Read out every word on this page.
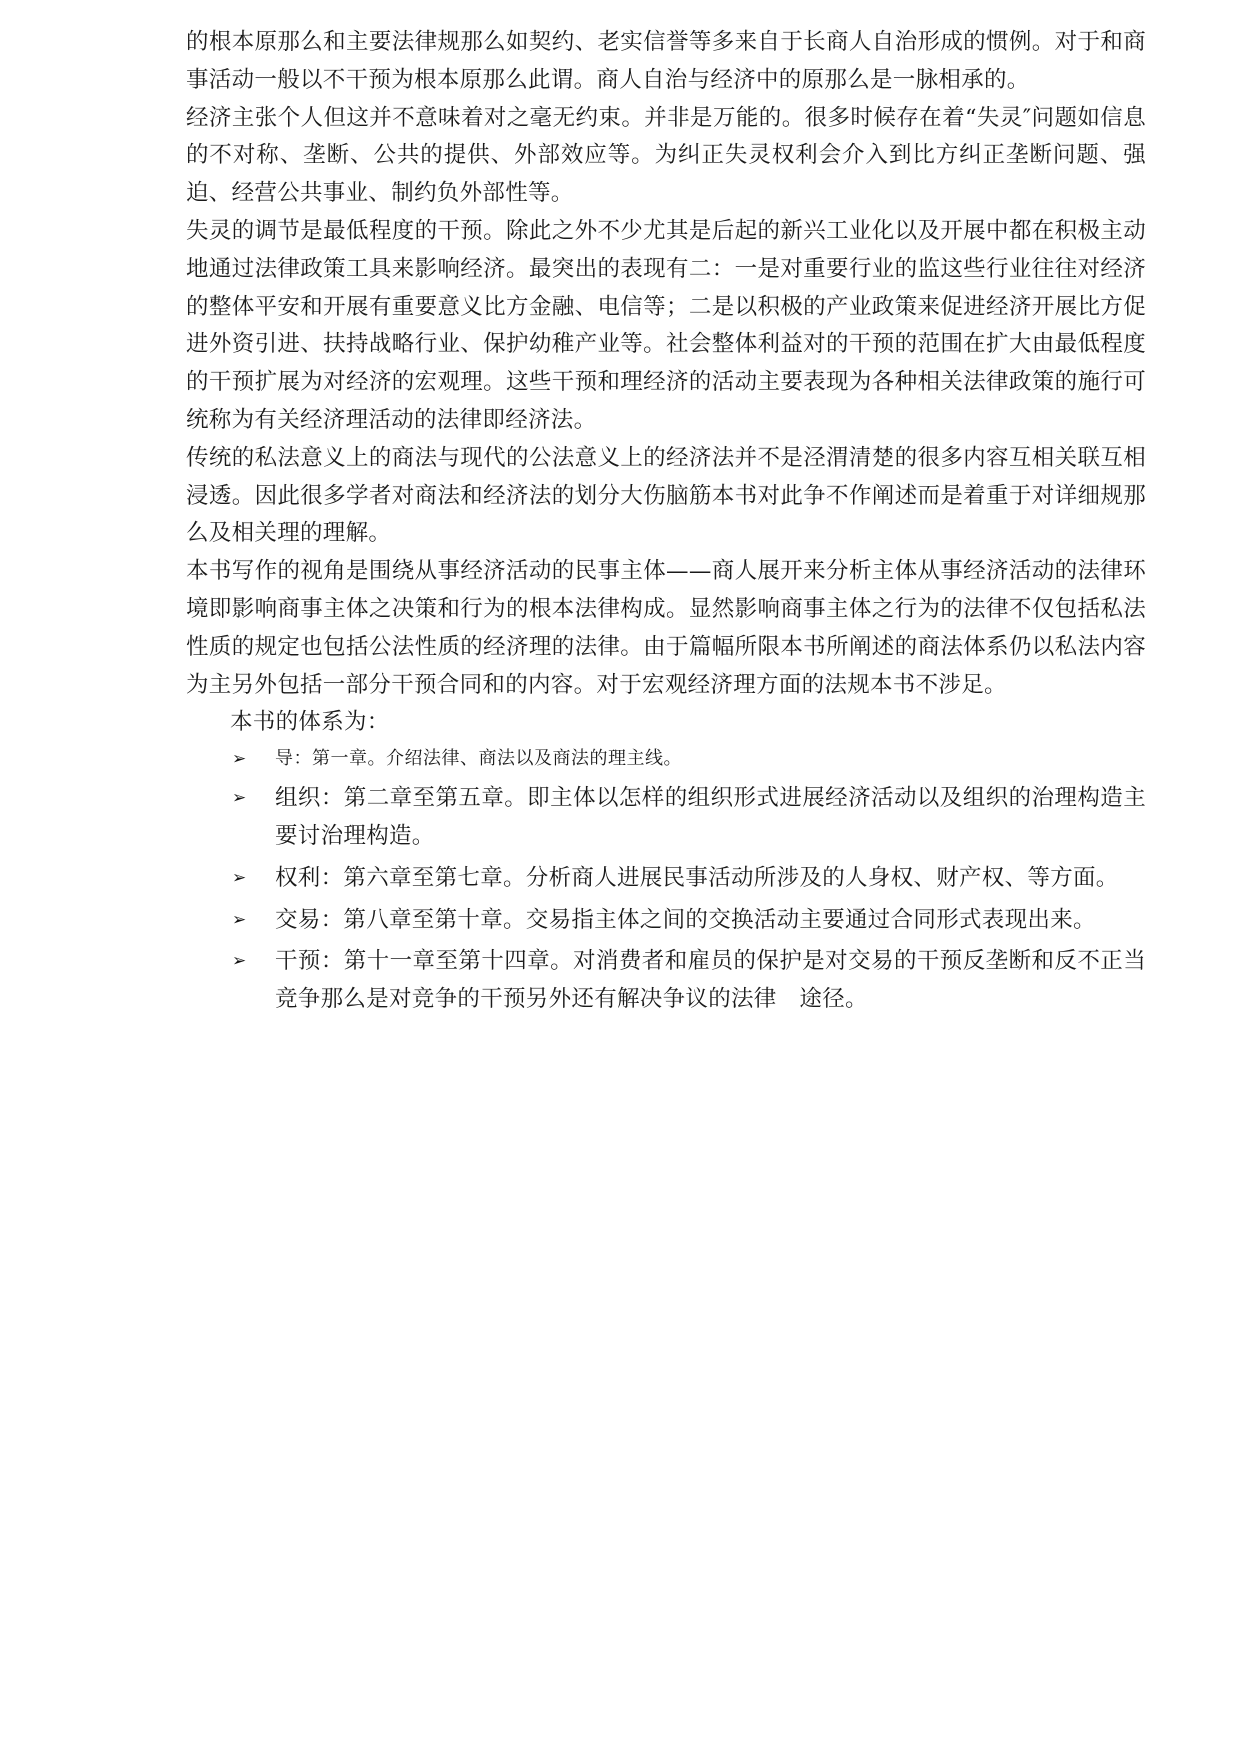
的根本原那么和主要法律规那么如契约、老实信誉等多来自于长商人自治形成的惯例。对于和商事活动一般以不干预为根本原那么此谓。商人自治与经济中的原那么是一脉相承的。

经济主张个人但这并不意味着对之毫无约束。并非是万能的。很多时候存在着“失灵″问题如信息的不对称、垄断、公共的提供、外部效应等。为纠正失灵权利会介入到比方纠正垄断问题、强迫、经营公共事业、制约负外部性等。

失灵的调节是最低程度的干预。除此之外不少尤其是后起的新兴工业化以及开展中都在积极主动地通过法律政策工具来影响经济。最突出的表现有二：一是对重要行业的监这些行业往往对经济的整体平安和开展有重要意义比方金融、电信等；二是以积极的产业政策来促进经济开展比方促进外资引进、扶持战略行业、保护幼稚产业等。社会整体利益对的干预的范围在扩大由最低程度的干预扩展为对经济的宏观理。这些干预和理经济的活动主要表现为各种相关法律政策的施行可统称为有关经济理活动的法律即经济法。

传统的私法意义上的商法与现代的公法意义上的经济法并不是泾渭清楚的很多内容互相关联互相浸透。因此很多学者对商法和经济法的划分大伤脑筋本书对此争不作阐述而是着重于对详细规那么及相关理的理解。

本书写作的视角是围绕从事经济活动的民事主体——商人展开来分析主体从事经济活动的法律环境即影响商事主体之决策和行为的根本法律构成。显然影响商事主体之行为的法律不仅包括私法性质的规定也包括公法性质的经济理的法律。由于篇幅所限本书所阐述的商法体系仍以私法内容为主另外包括一部分干预合同和的内容。对于宏观经济理方面的法规本书不涉足。

本书的体系为：

➢ 导：第一章。介绍法律、商法以及商法的理主线。
➢ 组织：第二章至第五章。即主体以怎样的组织形式进展经济活动以及组织的治理构造主要讨治理构造。
➢ 权利：第六章至第七章。分析商人进展民事活动所涉及的人身权、财产权、等方面。
➢ 交易：第八章至第十章。交易指主体之间的交换活动主要通过合同形式表现出来。
➢ 干预：第十一章至第十四章。对消费者和雇员的保护是对交易的干预反垄断和反不正当竞争那么是对竞争的干预另外还有解决争议的法律　途径。
